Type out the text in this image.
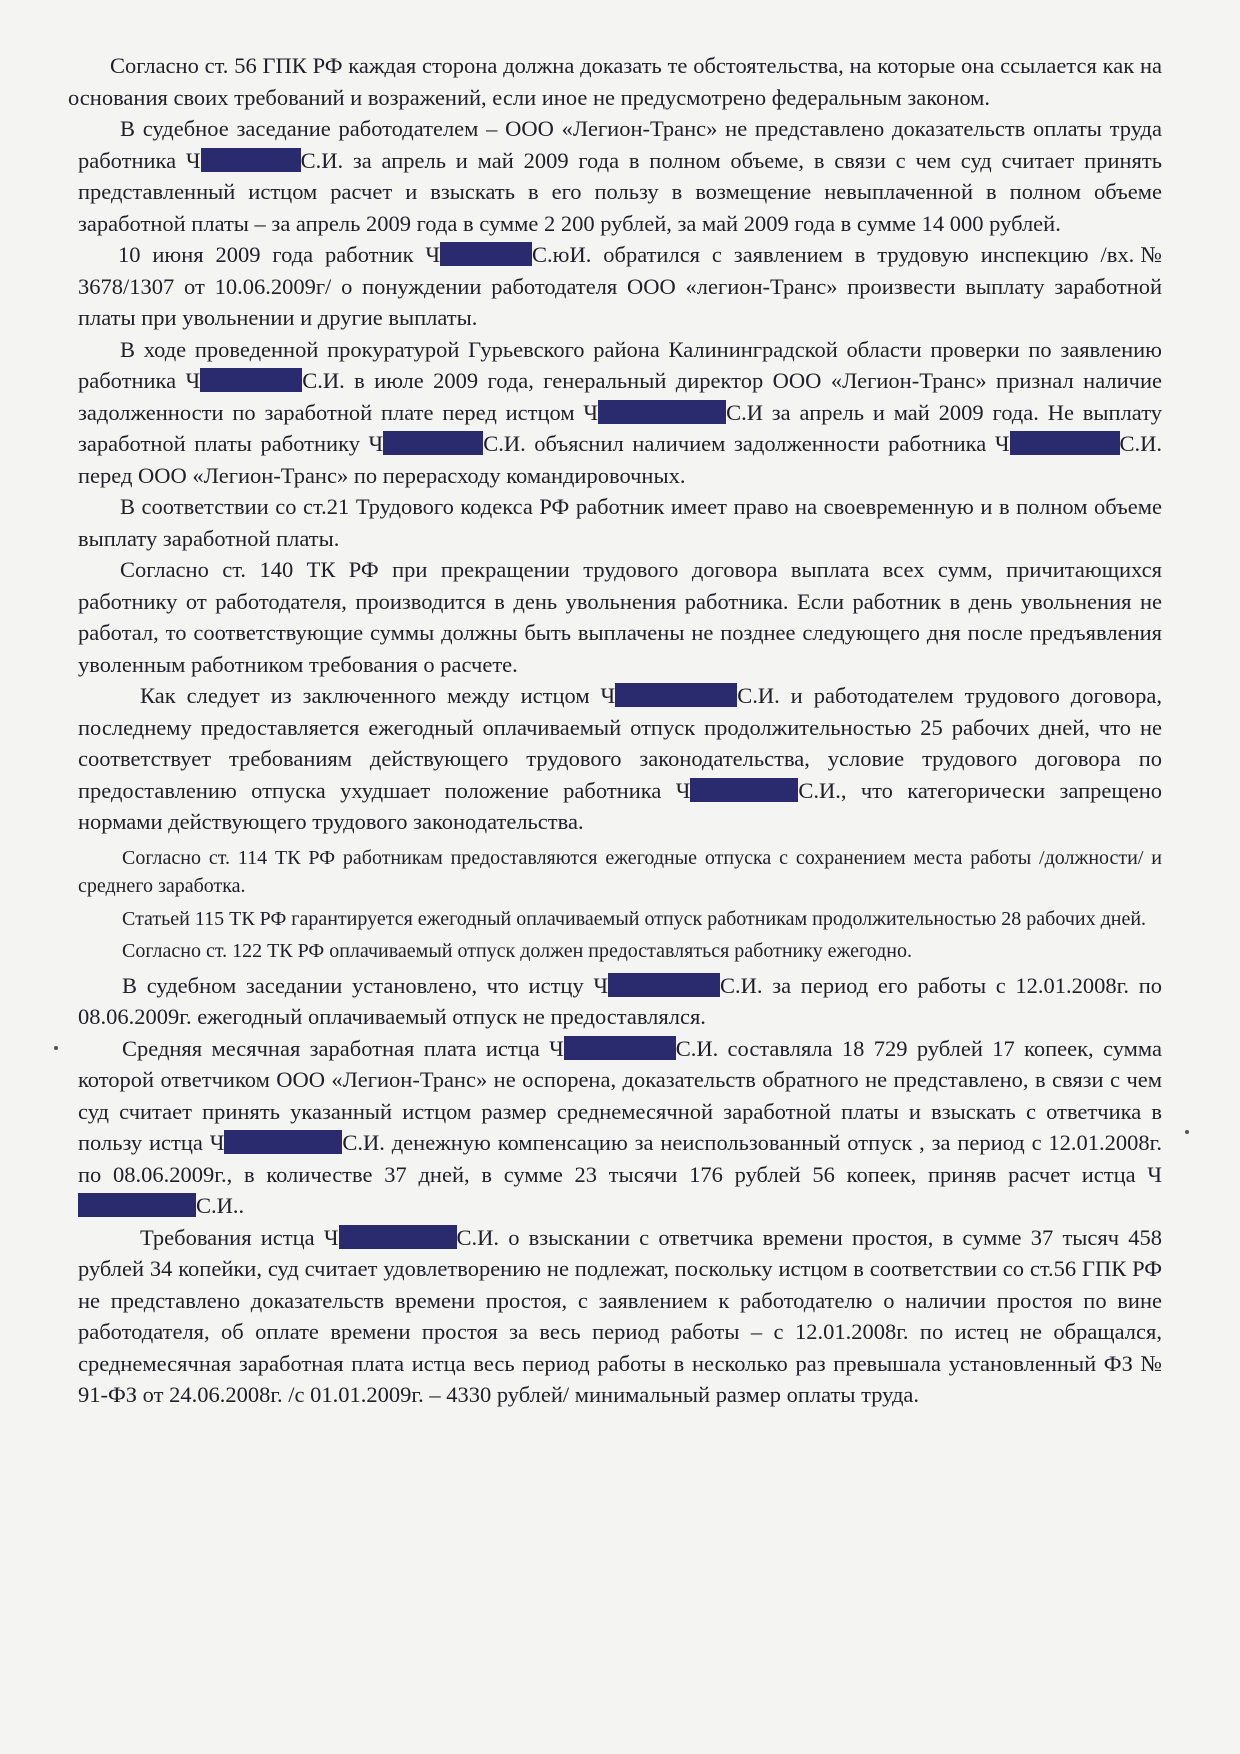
Согласно ст. 56 ГПК РФ каждая сторона должна доказать те обстоятельства, на которые она ссылается как на основания своих требований и возражений, если иное не предусмотрено федеральным законом.

В судебное заседание работодателем – ООО «Легион-Транс» не представлено доказательств оплаты труда работника Ч	С.И. за апрель и май 2009 года в полном объеме, в связи с чем суд считает принять представленный истцом расчет и взыскать в его пользу в возмещение невыплаченной в полном объеме заработной платы – за апрель 2009 года в сумме 2 200 рублей, за май 2009 года в сумме 14 000 рублей.

10 июня 2009 года работник Ч	С.юИ. обратился с заявлением в трудовую инспекцию /вх.№ 3678/1307 от 10.06.2009г/ о понуждении работодателя ООО «легион-Транс» произвести выплату заработной платы при увольнении и другие выплаты.

В ходе проведенной прокуратурой Гурьевского района Калининградской области проверки по заявлению работника Ч	С.И. в июле 2009 года, генеральный директор ООО «Легион-Транс» признал наличие задолженности по заработной плате перед истцом Ч	С.И за апрель и май 2009 года. Не выплату заработной платы работнику Ч	С.И. объяснил наличием задолженности работника Ч	С.И. перед ООО «Легион-Транс» по перерасходу командировочных.

В соответствии со ст.21 Трудового кодекса РФ работник имеет право на своевременную и в полном объеме выплату заработной платы.

Согласно ст. 140 ТК РФ при прекращении трудового договора выплата всех сумм, причитающихся работнику от работодателя, производится в день увольнения работника. Если работник в день увольнения не работал, то соответствующие суммы должны быть выплачены не позднее следующего дня после предъявления уволенным работником требования о расчете.

Как следует из заключенного между истцом Ч	С.И. и работодателем трудового договора, последнему предоставляется ежегодный оплачиваемый отпуск продолжительностью 25 рабочих дней, что не соответствует требованиям действующего трудового законодательства, условие трудового договора по предоставлению отпуска ухудшает положение работника Ч	С.И., что категорически запрещено нормами действующего трудового законодательства.

Согласно ст. 114 ТК РФ работникам предоставляются ежегодные отпуска с сохранением места работы /должности/ и среднего заработка.

Статьей 115 ТК РФ гарантируется ежегодный оплачиваемый отпуск работникам продолжительностью 28 рабочих дней.

Согласно ст. 122 ТК РФ оплачиваемый отпуск должен предоставляться работнику ежегодно.

В судебном заседании установлено, что истцу Ч	С.И. за период его работы с 12.01.2008г. по 08.06.2009г. ежегодный оплачиваемый отпуск не предоставлялся.

Средняя месячная заработная плата истца Ч	С.И. составляла 18 729 рублей 17 копеек, сумма которой ответчиком ООО «Легион-Транс» не оспорена, доказательств обратного не представлено, в связи с чем суд считает принять указанный истцом размер среднемесячной заработной платы и взыскать с ответчика в пользу истца Ч	С.И. денежную компенсацию за неиспользованный отпуск , за период с 12.01.2008г. по 08.06.2009г., в количестве 37 дней, в сумме 23 тысячи 176 рублей 56 копеек, приняв расчет истца ЧС.И..

Требования истца Ч	С.И. о взыскании с ответчика времени простоя, в сумме 37 тысяч 458 рублей 34 копейки, суд считает удовлетворению не подлежат, поскольку истцом в соответствии со ст.56 ГПК РФ не представлено доказательств времени простоя, с заявлением к работодателю о наличии простоя по вине работодателя, об оплате времени простоя за весь период работы – с 12.01.2008г. по истец не обращался, среднемесячная заработная плата истца весь период работы в несколько раз превышала установленный ФЗ № 91-ФЗ от 24.06.2008г. /с 01.01.2009г. – 4330 рублей/ минимальный размер оплаты труда.
